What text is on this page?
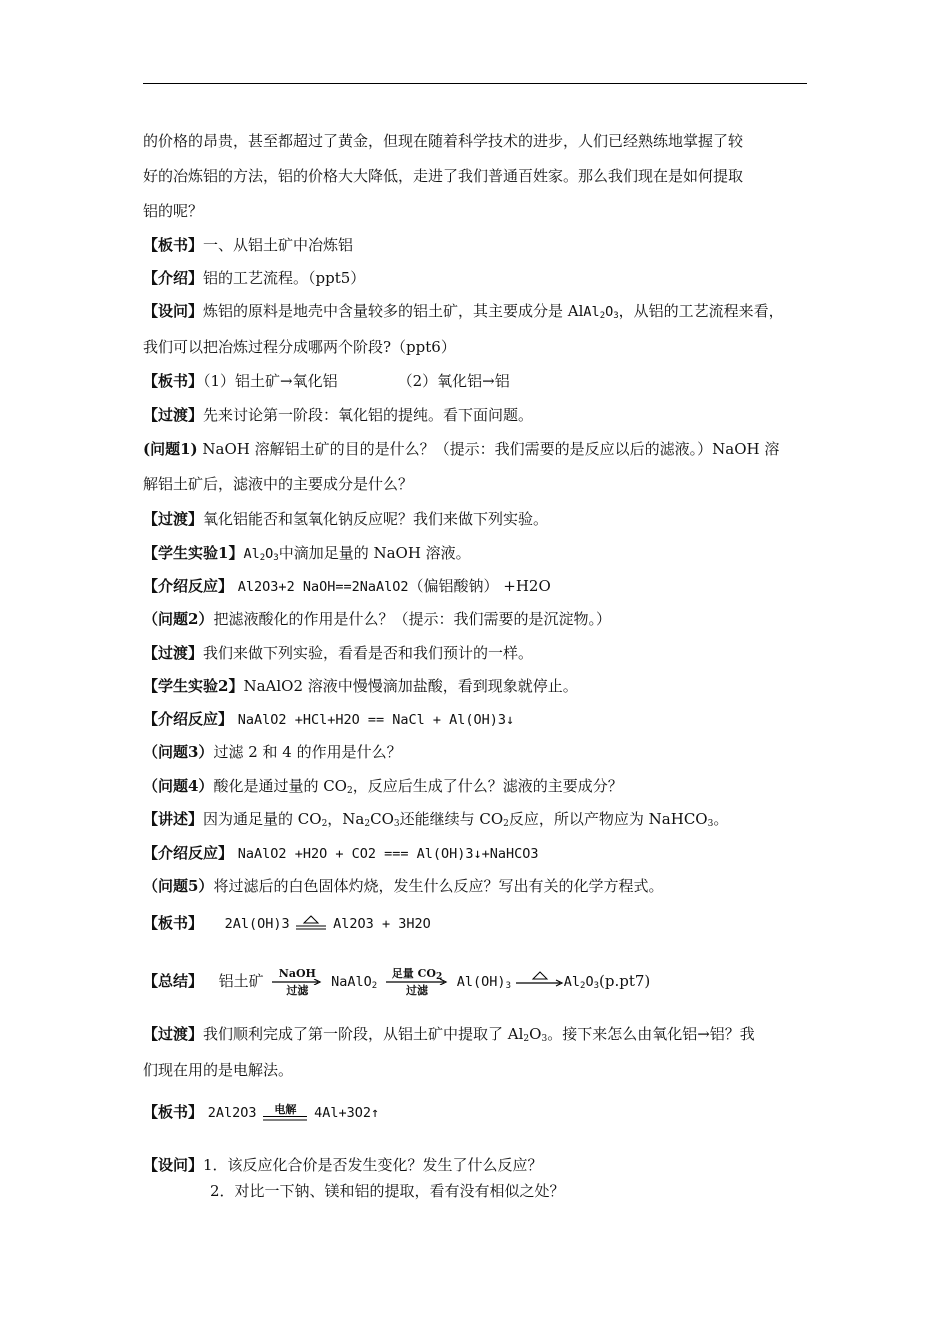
的价格的昂贵，甚至都超过了黄金，但现在随着科学技术的进步，人们已经熟练地掌握了较
好的冶炼铝的方法，铝的价格大大降低，走进了我们普通百姓家。那么我们现在是如何提取
铝的呢？
【板书】一、从铝土矿中冶炼铝
【介绍】铝的工艺流程。（ppt5）
【设问】炼铝的原料是地壳中含量较多的铝土矿，其主要成分是 $AlAl_2O_3$，从铝的工艺流程来看，
我们可以把冶炼过程分成哪两个阶段?（ppt6）
【板书】（1）铝土矿→氧化铝	（2）氧化铝→铝
【过渡】先来讨论第一阶段：氧化铝的提纯。看下面问题。
(问题1) NaOH 溶解铝土矿的目的是什么？（提示：我们需要的是反应以后的滤液。）NaOH 溶
解铝土矿后，滤液中的主要成分是什么？
【过渡】氧化铝能否和氢氧化钠反应呢？我们来做下列实验。
【学生实验1】$Al_2O_3$中滴加足量的 NaOH 溶液。
【介绍反应】 Al2O3+2 NaOH==2NaAlO2（偏铝酸钠） +H2O
（问题2）把滤液酸化的作用是什么？（提示：我们需要的是沉淀物。）
【过渡】我们来做下列实验，看看是否和我们预计的一样。
【学生实验2】NaAlO2 溶液中慢慢滴加盐酸，看到现象就停止。
【介绍反应】 NaAlO2 +HCl+H2O == NaCl + Al(OH)3↓
（问题3）过滤 2 和 4 的作用是什么？
（问题4）酸化是通过量的 $CO_2$，反应后生成了什么？滤液的主要成分？
【讲述】因为通足量的 $CO_2$，$Na_2CO_3$还能继续与 $CO_2$反应，所以产物应为 NaHCO$_3$。
【介绍反应】 NaAlO2 +H2O + CO2 === Al(OH)3↓+NaHCO3
（问题5）将过滤后的白色固体灼烧，发生什么反应？写出有关的化学方程式。
【板书】 2Al(OH)3	Al2O3 + 3H2O
【总结】 铝土矿	NaOH
过滤
NaAlO$_2$
足量 $CO_2$
过滤
$Al(OH)_3$	$Al_2O_3(p.pt7)$
【过渡】我们顺利完成了第一阶段，从铝土矿中提取了 $Al_2O_3$。接下来怎么由氧化铝→铝？我
们现在用的是电解法。
【板书】 2Al2O3	电解	4Al+3O2↑
【设问】1．该反应化合价是否发生变化？发生了什么反应？
2．对比一下钠、镁和铝的提取，看有没有相似之处？
